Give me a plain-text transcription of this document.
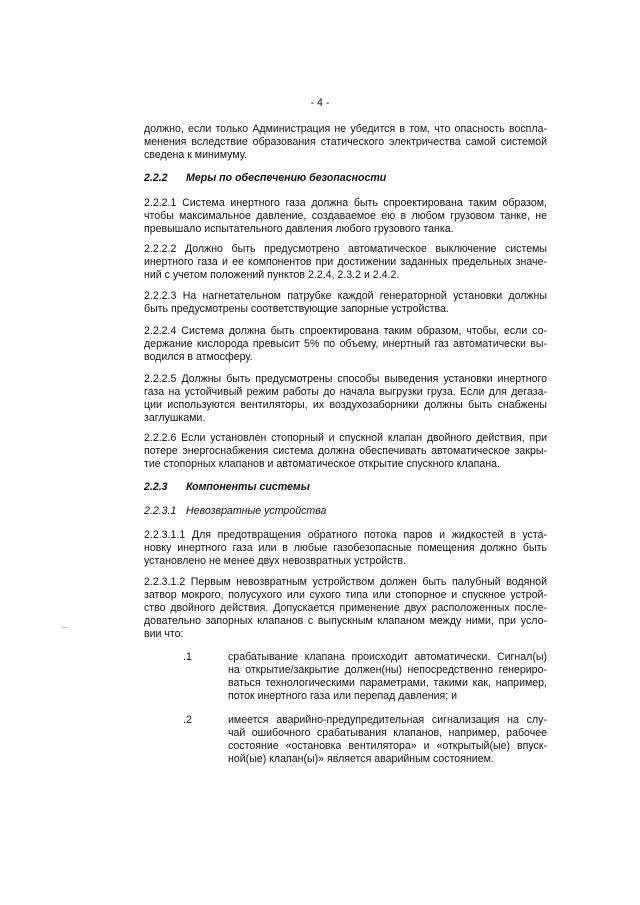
- 4 -
должно, если только Администрация не убедится в том, что опасность воспла-
менения вследствие образования статического электричества самой системой
сведена к минимуму.
2.2.2 Меры по обеспечению безопасности
2.2.2.1 Система инертного газа должна быть спроектирована таким образом,
чтобы максимальное давление, создаваемое ею в любом грузовом танке, не
превышало испытательного давления любого грузового танка.
2.2.2.2 Должно быть предусмотрено автоматическое выключение системы
инертного газа и ее компонентов при достижении заданных предельных значе-
ний с учетом положений пунктов 2.2.4, 2.3.2 и 2.4.2.
2.2.2.3 На нагнетательном патрубке каждой генераторной установки должны
быть предусмотрены соответствующие запорные устройства.
2.2.2.4 Система должна быть спроектирована таким образом, чтобы, если со-
держание кислорода превысит 5% по объему, инертный газ автоматически вы-
водился в атмосферу.
2.2.2.5 Должны быть предусмотрены способы выведения установки инертного
газа на устойчивый режим работы до начала выгрузки груза. Если для дегаза-
ции используются вентиляторы, их воздухозаборники должны быть снабжены
заглушками.
2.2.2.6 Если установлен стопорный и спускной клапан двойного действия, при
потере энергоснабжения система должна обеспечивать автоматическое закры-
тие стопорных клапанов и автоматическое открытие спускного клапана.
2.2.3 Компоненты системы
2.2.3.1 Невозвратные устройства
2.2.3.1.1 Для предотвращения обратного потока паров и жидкостей в уста-
новку инертного газа или в любые газобезопасные помещения должно быть
установлено не менее двух невозвратных устройств.
2.2.3.1.2 Первым невозвратным устройством должен быть палубный водяной
затвор мокрого, полусухого или сухого типа или стопорное и спускное устрой-
ство двойного действия. Допускается применение двух расположенных после-
довательно запорных клапанов с выпускным клапаном между ними, при усло-
вии что:
.1	срабатывание клапана происходит автоматически. Сигнал(ы)
на открытие/закрытие должен(ны) непосредственно генериро-
ваться технологическими параметрами, такими как, например,
поток инертного газа или перепад давления; и
.2	имеется аварийно-предупредительная сигнализация на слу-
чай ошибочного срабатывания клапанов, например, рабочее
состояние «остановка вентилятора» и «открытый(ые) впуск-
ной(ые) клапан(ы)» является аварийным состоянием.
